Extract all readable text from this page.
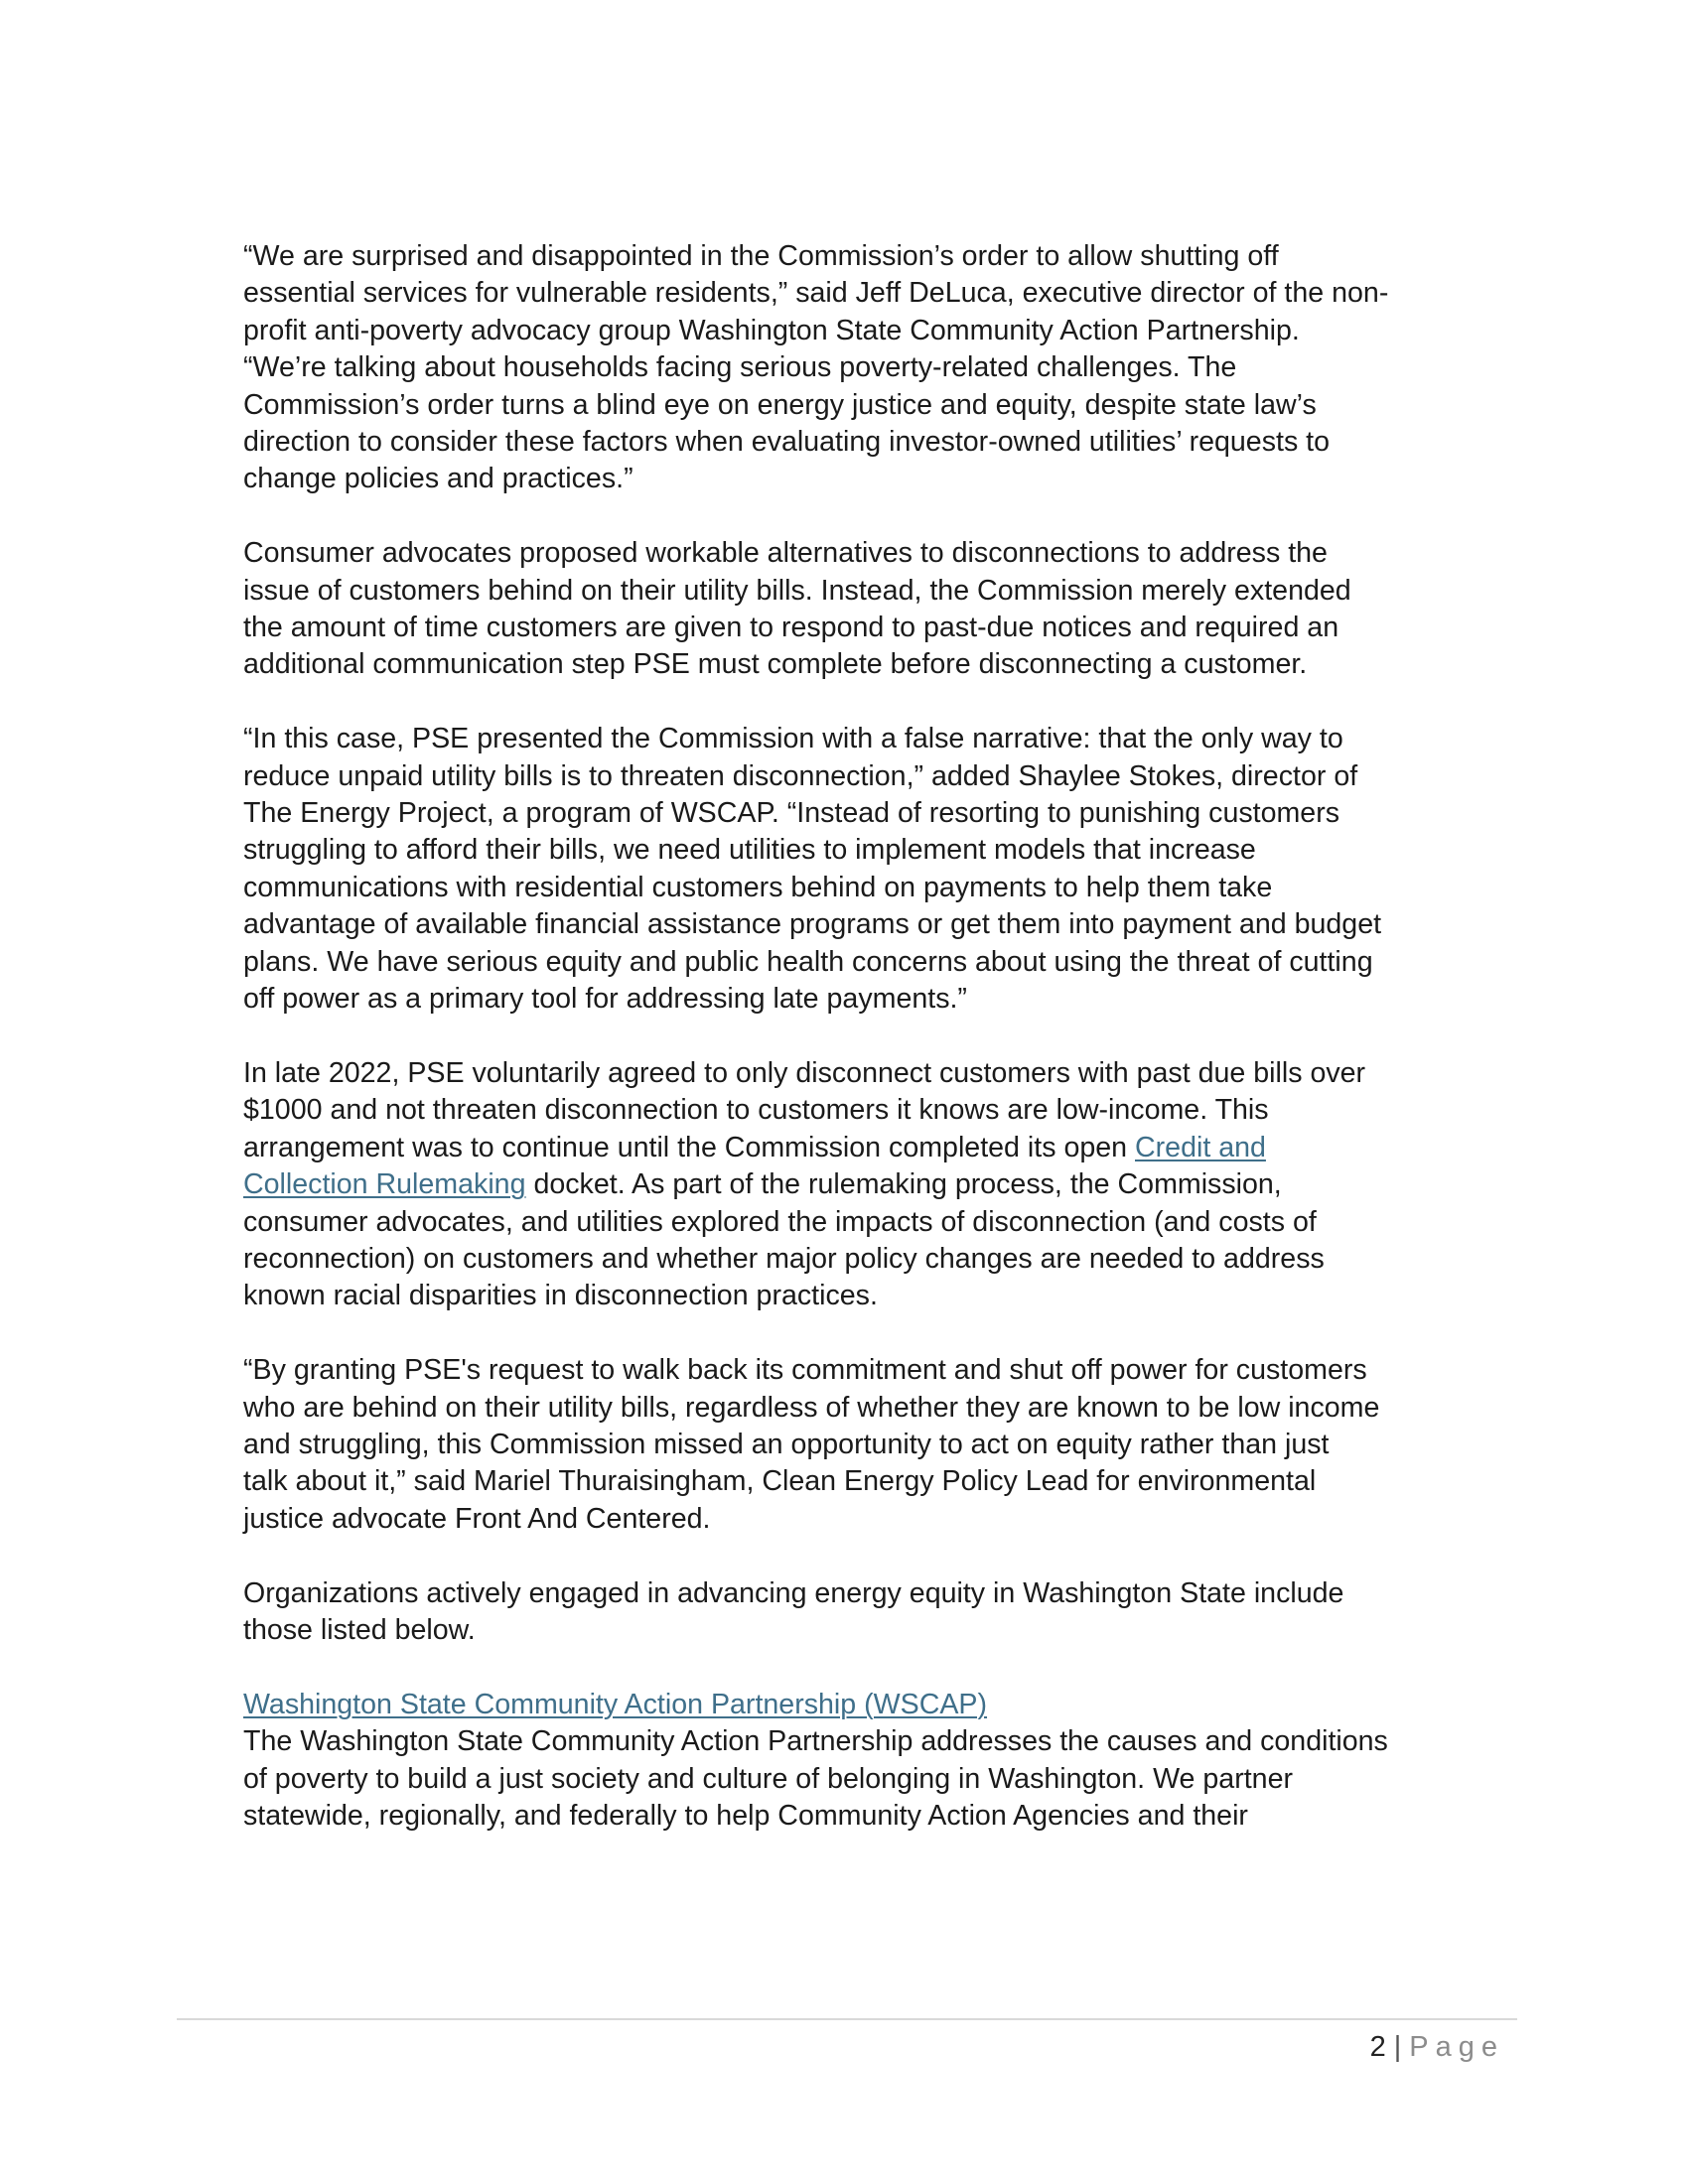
“We are surprised and disappointed in the Commission’s order to allow shutting off
essential services for vulnerable residents,” said Jeff DeLuca, executive director of the non-
profit anti-poverty advocacy group Washington State Community Action Partnership.
“We’re talking about households facing serious poverty-related challenges. The
Commission’s order turns a blind eye on energy justice and equity, despite state law’s
direction to consider these factors when evaluating investor-owned utilities’ requests to
change policies and practices.”

Consumer advocates proposed workable alternatives to disconnections to address the
issue of customers behind on their utility bills. Instead, the Commission merely extended
the amount of time customers are given to respond to past-due notices and required an
additional communication step PSE must complete before disconnecting a customer.

“In this case, PSE presented the Commission with a false narrative: that the only way to
reduce unpaid utility bills is to threaten disconnection,” added Shaylee Stokes, director of
The Energy Project, a program of WSCAP. “Instead of resorting to punishing customers
struggling to afford their bills, we need utilities to implement models that increase
communications with residential customers behind on payments to help them take
advantage of available financial assistance programs or get them into payment and budget
plans. We have serious equity and public health concerns about using the threat of cutting
off power as a primary tool for addressing late payments.”

In late 2022, PSE voluntarily agreed to only disconnect customers with past due bills over
$1000 and not threaten disconnection to customers it knows are low-income. This
arrangement was to continue until the Commission completed its open Credit and
Collection Rulemaking docket. As part of the rulemaking process, the Commission,
consumer advocates, and utilities explored the impacts of disconnection (and costs of
reconnection) on customers and whether major policy changes are needed to address
known racial disparities in disconnection practices.

“By granting PSE's request to walk back its commitment and shut off power for customers
who are behind on their utility bills, regardless of whether they are known to be low income
and struggling, this Commission missed an opportunity to act on equity rather than just
talk about it,” said Mariel Thuraisingham, Clean Energy Policy Lead for environmental
justice advocate Front And Centered.

Organizations actively engaged in advancing energy equity in Washington State include
those listed below.

Washington State Community Action Partnership (WSCAP)

The Washington State Community Action Partnership addresses the causes and conditions
of poverty to build a just society and culture of belonging in Washington. We partner
statewide, regionally, and federally to help Community Action Agencies and their

2 | Page
